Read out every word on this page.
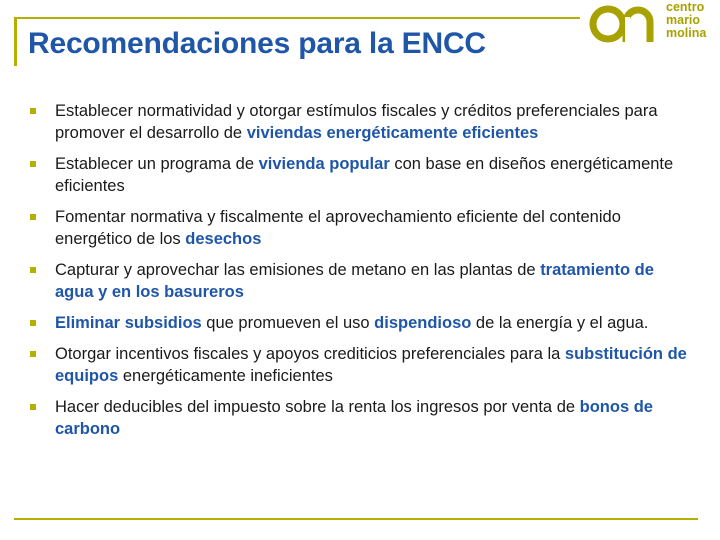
Recomendaciones para la ENCC
centro
mario
molina
Establecer normatividad y otorgar estímulos fiscales y créditos preferenciales para promover el desarrollo de viviendas energéticamente eficientes
Establecer un programa de vivienda popular con base en diseños energéticamente eficientes
Fomentar normativa y fiscalmente el aprovechamiento eficiente del contenido energético de los desechos
Capturar y aprovechar las emisiones de metano en las plantas de tratamiento de agua y en los basureros
Eliminar subsidios que promueven el uso dispendioso de la energía y el agua.
Otorgar incentivos fiscales y apoyos crediticios preferenciales para la substitución de equipos energéticamente ineficientes
Hacer deducibles del impuesto sobre la renta los ingresos por venta de bonos de carbono
